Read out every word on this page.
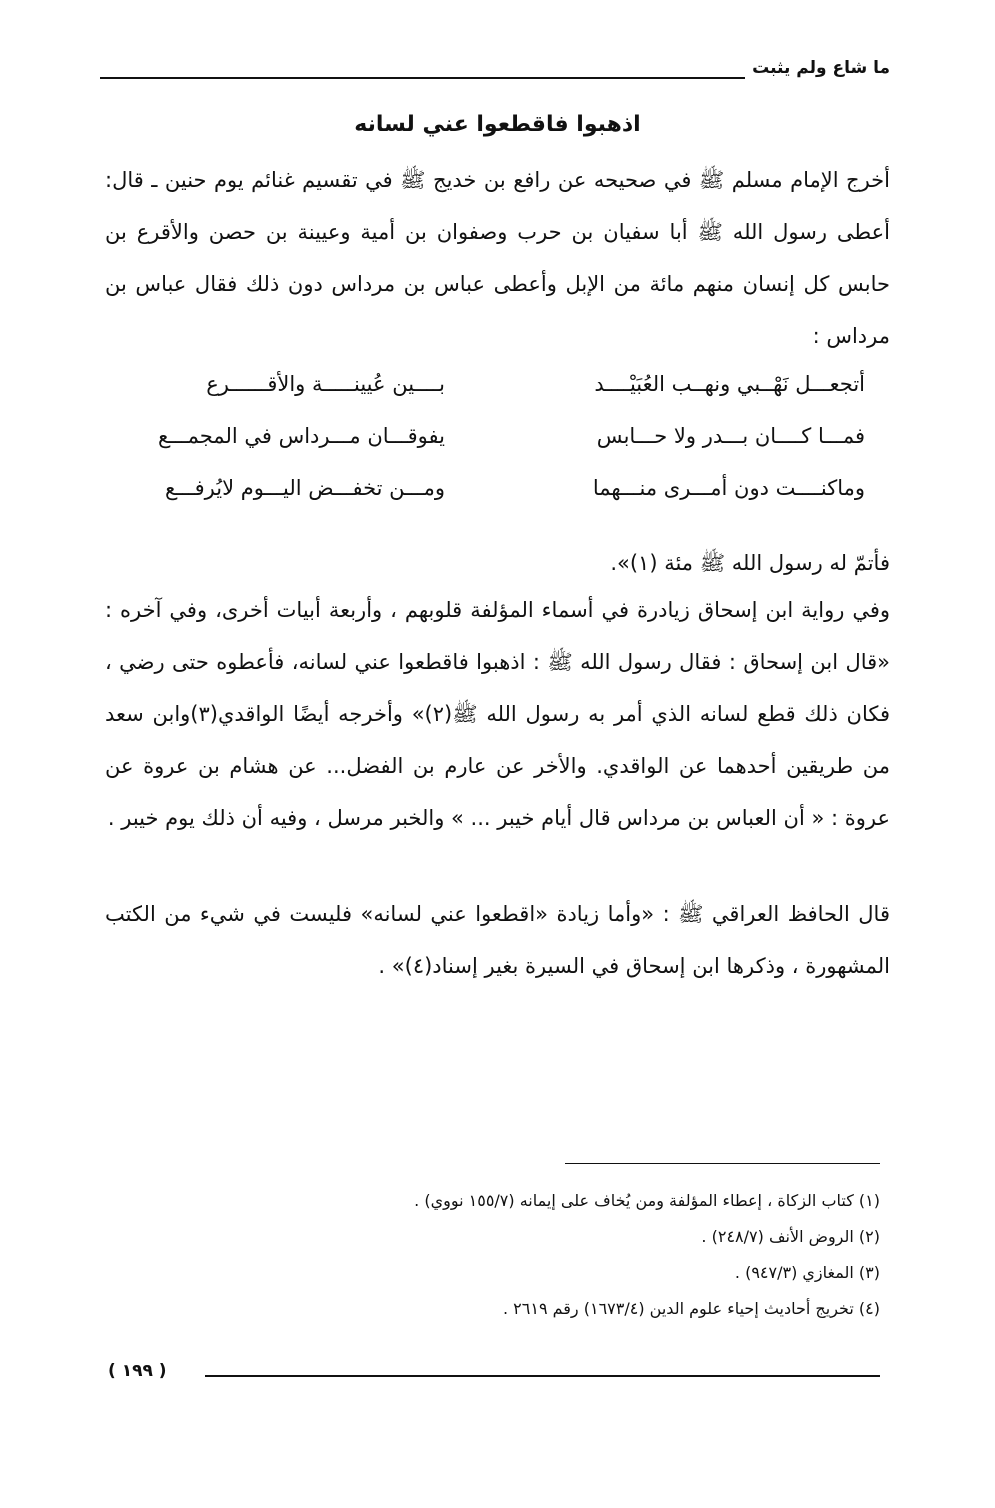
ما شاع ولم يثبت
اذهبوا فاقطعوا عني لسانه
أخرج الإمام مسلم ﷺ في صحيحه عن رافع بن خديج ﷺ في تقسيم غنائم يوم حنين ـ قال: أعطى رسول الله ﷺ أبا سفيان بن حرب وصفوان بن أمية وعيينة بن حصن والأقرع بن حابس كل إنسان منهم مائة من الإبل وأعطى عباس بن مرداس دون ذلك فقال عباس بن مرداس :
أتجعـــل نَهْــبي ونهــب العُبَيْــــد
بــــين عُيينـــــة والأقــــــرع
فمـــا كــــان بـــدر ولا حـــابس
يفوقـــان مـــرداس في المجمـــع
وماكنــــت دون أمـــرى منـــهما
ومـــن تخفـــض اليـــوم لايُرفـــع
فأتمّ له رسول الله ﷺ مئة (١)».
وفي رواية ابن إسحاق زيادرة في أسماء المؤلفة قلوبهم ، وأربعة أبيات أخرى، وفي آخره : «قال ابن إسحاق : فقال رسول الله ﷺ : اذهبوا فاقطعوا عني لسانه، فأعطوه حتى رضي ، فكان ذلك قطع لسانه الذي أمر به رسول الله ﷺ(٢)» وأخرجه أيضًا الواقدي(٣)وابن سعد من طريقين أحدهما عن الواقدي. والأخر عن عارم بن الفضل... عن هشام بن عروة عن عروة : « أن العباس بن مرداس قال أيام خيبر ... » والخبر مرسل ، وفيه أن ذلك يوم خيبر .
قال الحافظ العراقي ﷺ : «وأما زيادة «اقطعوا عني لسانه» فليست في شيء من الكتب المشهورة ، وذكرها ابن إسحاق في السيرة بغير إسناد(٤)» .
(١) كتاب الزكاة ، إعطاء المؤلفة ومن يُخاف على إيمانه (١٥٥/٧ نووي) .
(٢) الروض الأنف (٢٤٨/٧) .
(٣) المغازي (٩٤٧/٣) .
(٤) تخريج أحاديث إحياء علوم الدين (١٦٧٣/٤) رقم ٢٦١٩ .
( ١٩٩ )
